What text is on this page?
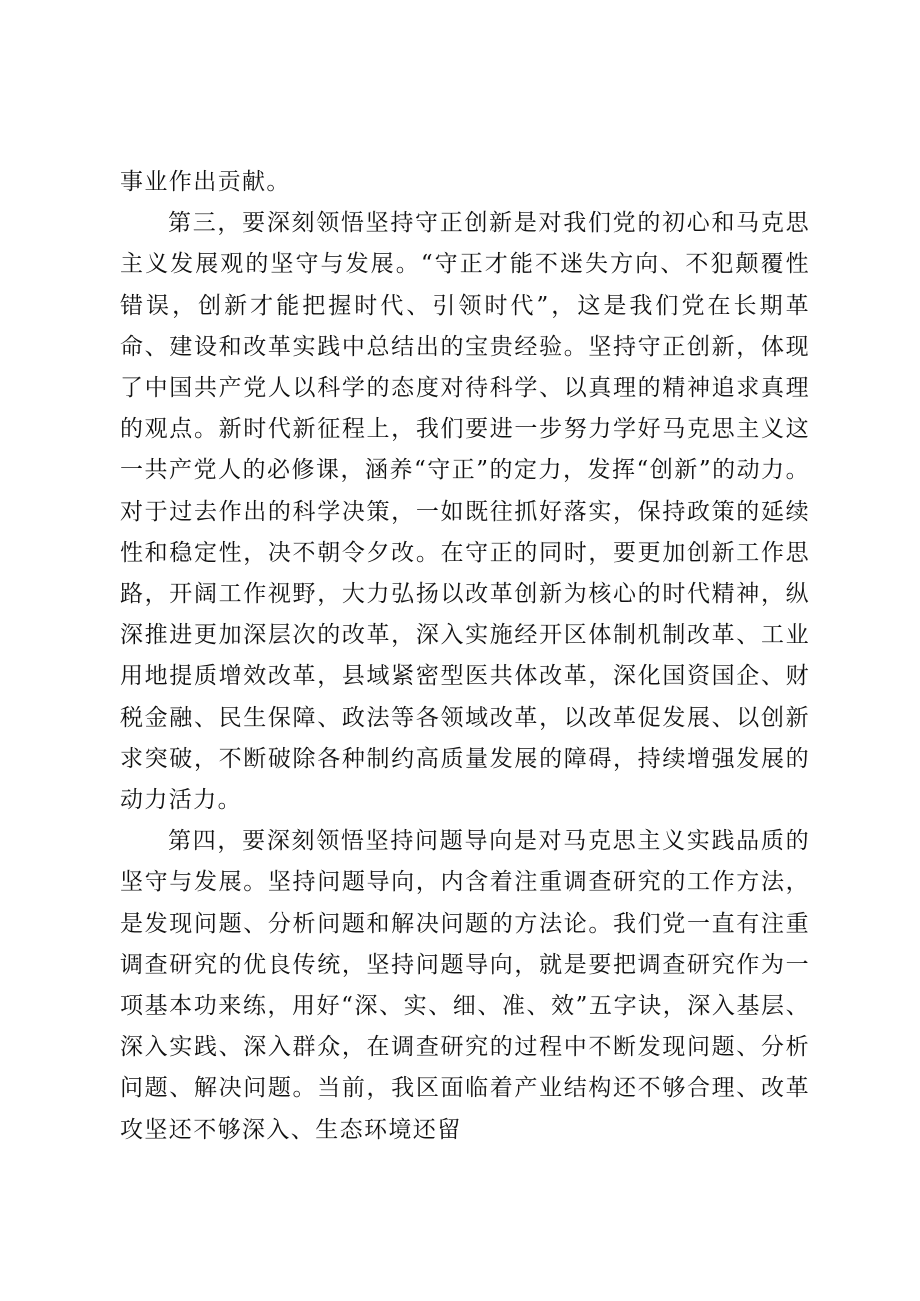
事业作出贡献。

第三，要深刻领悟坚持守正创新是对我们党的初心和马克思主义发展观的坚守与发展。“守正才能不迷失方向、不犯颠覆性错误，创新才能把握时代、引领时代”，这是我们党在长期革命、建设和改革实践中总结出的宝贵经验。坚持守正创新，体现了中国共产党人以科学的态度对待科学、以真理的精神追求真理的观点。新时代新征程上，我们要进一步努力学好马克思主义这一共产党人的必修课，涵养“守正”的定力，发挥“创新”的动力。对于过去作出的科学决策，一如既往抓好落实，保持政策的延续性和稳定性，决不朝令夕改。在守正的同时，要更加创新工作思路，开阔工作视野，大力弘扬以改革创新为核心的时代精神，纵深推进更加深层次的改革，深入实施经开区体制机制改革、工业用地提质增效改革，县域紧密型医共体改革，深化国资国企、财税金融、民生保障、政法等各领域改革，以改革促发展、以创新求突破，不断破除各种制约高质量发展的障碍，持续增强发展的动力活力。

第四，要深刻领悟坚持问题导向是对马克思主义实践品质的坚守与发展。坚持问题导向，内含着注重调查研究的工作方法，是发现问题、分析问题和解决问题的方法论。我们党一直有注重调查研究的优良传统，坚持问题导向，就是要把调查研究作为一项基本功来练，用好“深、实、细、准、效”五字诀，深入基层、深入实践、深入群众，在调查研究的过程中不断发现问题、分析问题、解决问题。当前，我区面临着产业结构还不够合理、改革攻坚还不够深入、生态环境还留
